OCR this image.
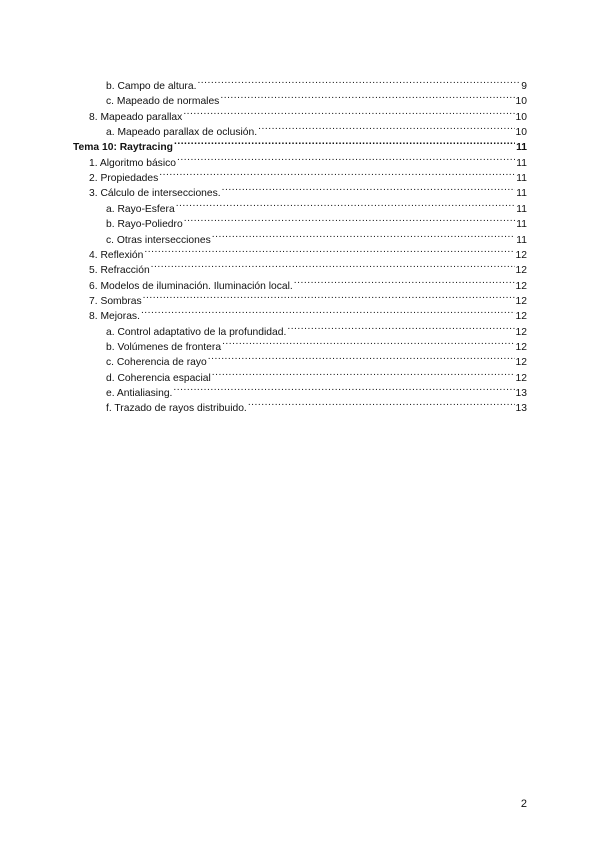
b. Campo de altura. .....	9
c. Mapeado de normales .....	10
8. Mapeado parallax .....	10
a. Mapeado parallax de oclusión. .....	10
Tema 10: Raytracing .....	11
1. Algoritmo básico .....	11
2. Propiedades .....	11
3. Cálculo de intersecciones. .....	11
a. Rayo-Esfera .....	11
b. Rayo-Poliedro .....	11
c. Otras intersecciones .....	11
4. Reflexión .....	12
5. Refracción .....	12
6. Modelos de iluminación. Iluminación local. .....	12
7. Sombras .....	12
8. Mejoras. .....	12
a. Control adaptativo de la profundidad. .....	12
b. Volúmenes de frontera .....	12
c. Coherencia de rayo .....	12
d. Coherencia espacial .....	12
e. Antialiasing. .....	13
f. Trazado de rayos distribuido. .....	13
2
